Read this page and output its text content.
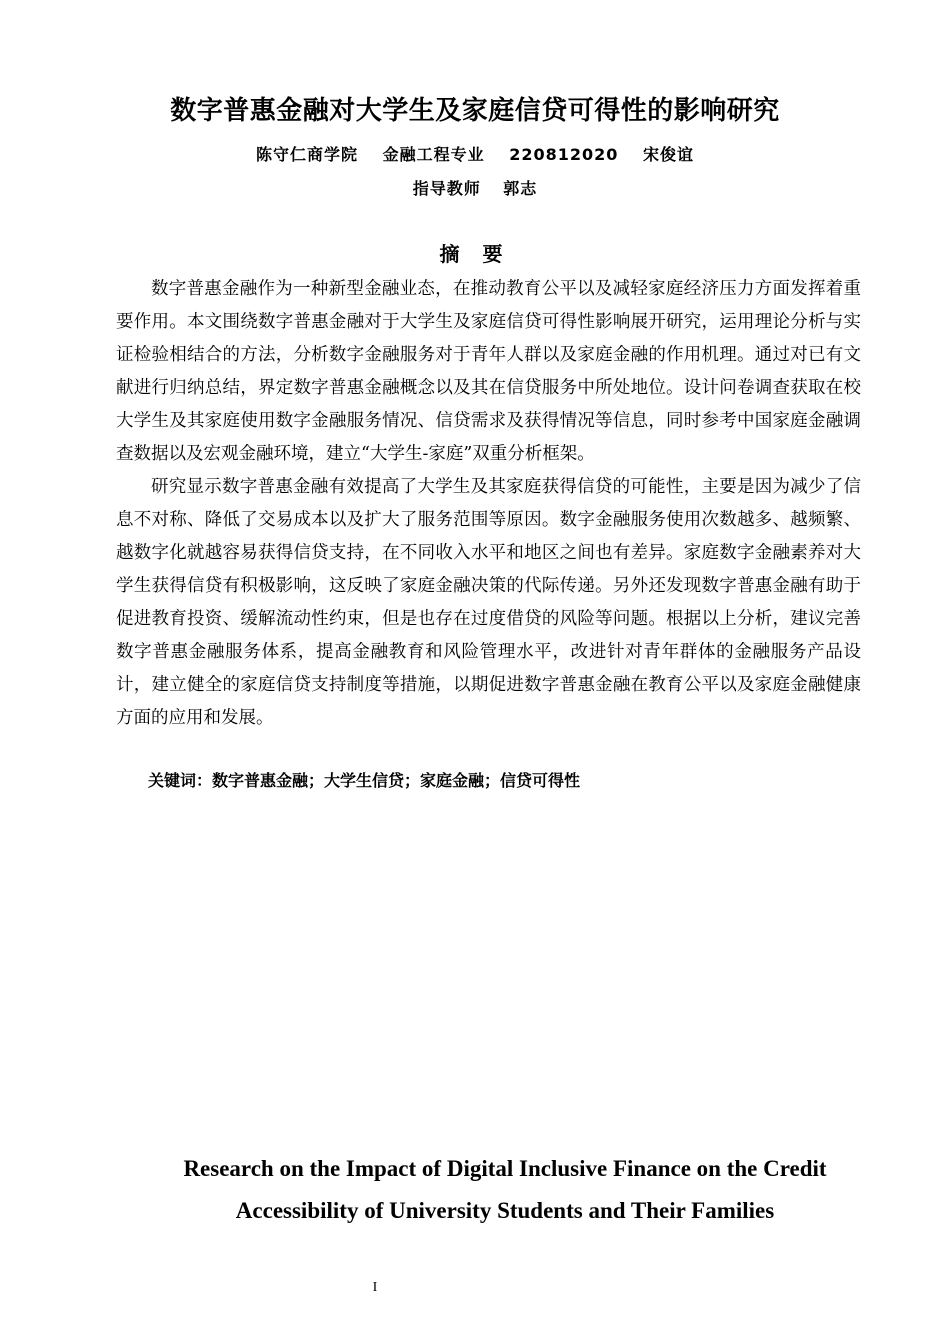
数字普惠金融对大学生及家庭信贷可得性的影响研究
陈守仁商学院 金融工程专业 220812020 宋俊谊
指导教师 郭志
摘 要

数字普惠金融作为一种新型金融业态，在推动教育公平以及减轻家庭经济压力方面发挥着重要作用。本文围绕数字普惠金融对于大学生及家庭信贷可得性影响展开研究，运用理论分析与实证检验相结合的方法，分析数字金融服务对于青年人群以及家庭金融的作用机理。通过对已有文献进行归纳总结，界定数字普惠金融概念以及其在信贷服务中所处地位。设计问卷调查获取在校大学生及其家庭使用数字金融服务情况、信贷需求及获得情况等信息，同时参考中国家庭金融调查数据以及宏观金融环境，建立“大学生-家庭”双重分析框架。

研究显示数字普惠金融有效提高了大学生及其家庭获得信贷的可能性，主要是因为减少了信息不对称、降低了交易成本以及扩大了服务范围等原因。数字金融服务使用次数越多、越频繁、越数字化就越容易获得信贷支持，在不同收入水平和地区之间也有差异。家庭数字金融素养对大学生获得信贷有积极影响，这反映了家庭金融决策的代际传递。另外还发现数字普惠金融有助于促进教育投资、缓解流动性约束，但是也存在过度借贷的风险等问题。根据以上分析，建议完善数字普惠金融服务体系，提高金融教育和风险管理水平，改进针对青年群体的金融服务产品设计，建立健全的家庭信贷支持制度等措施，以期促进数字普惠金融在教育公平以及家庭金融健康方面的应用和发展。

关键词：数字普惠金融；大学生信贷；家庭金融；信贷可得性
Research on the Impact of Digital Inclusive Finance on the Credit
Accessibility of University Students and Their Families
I
